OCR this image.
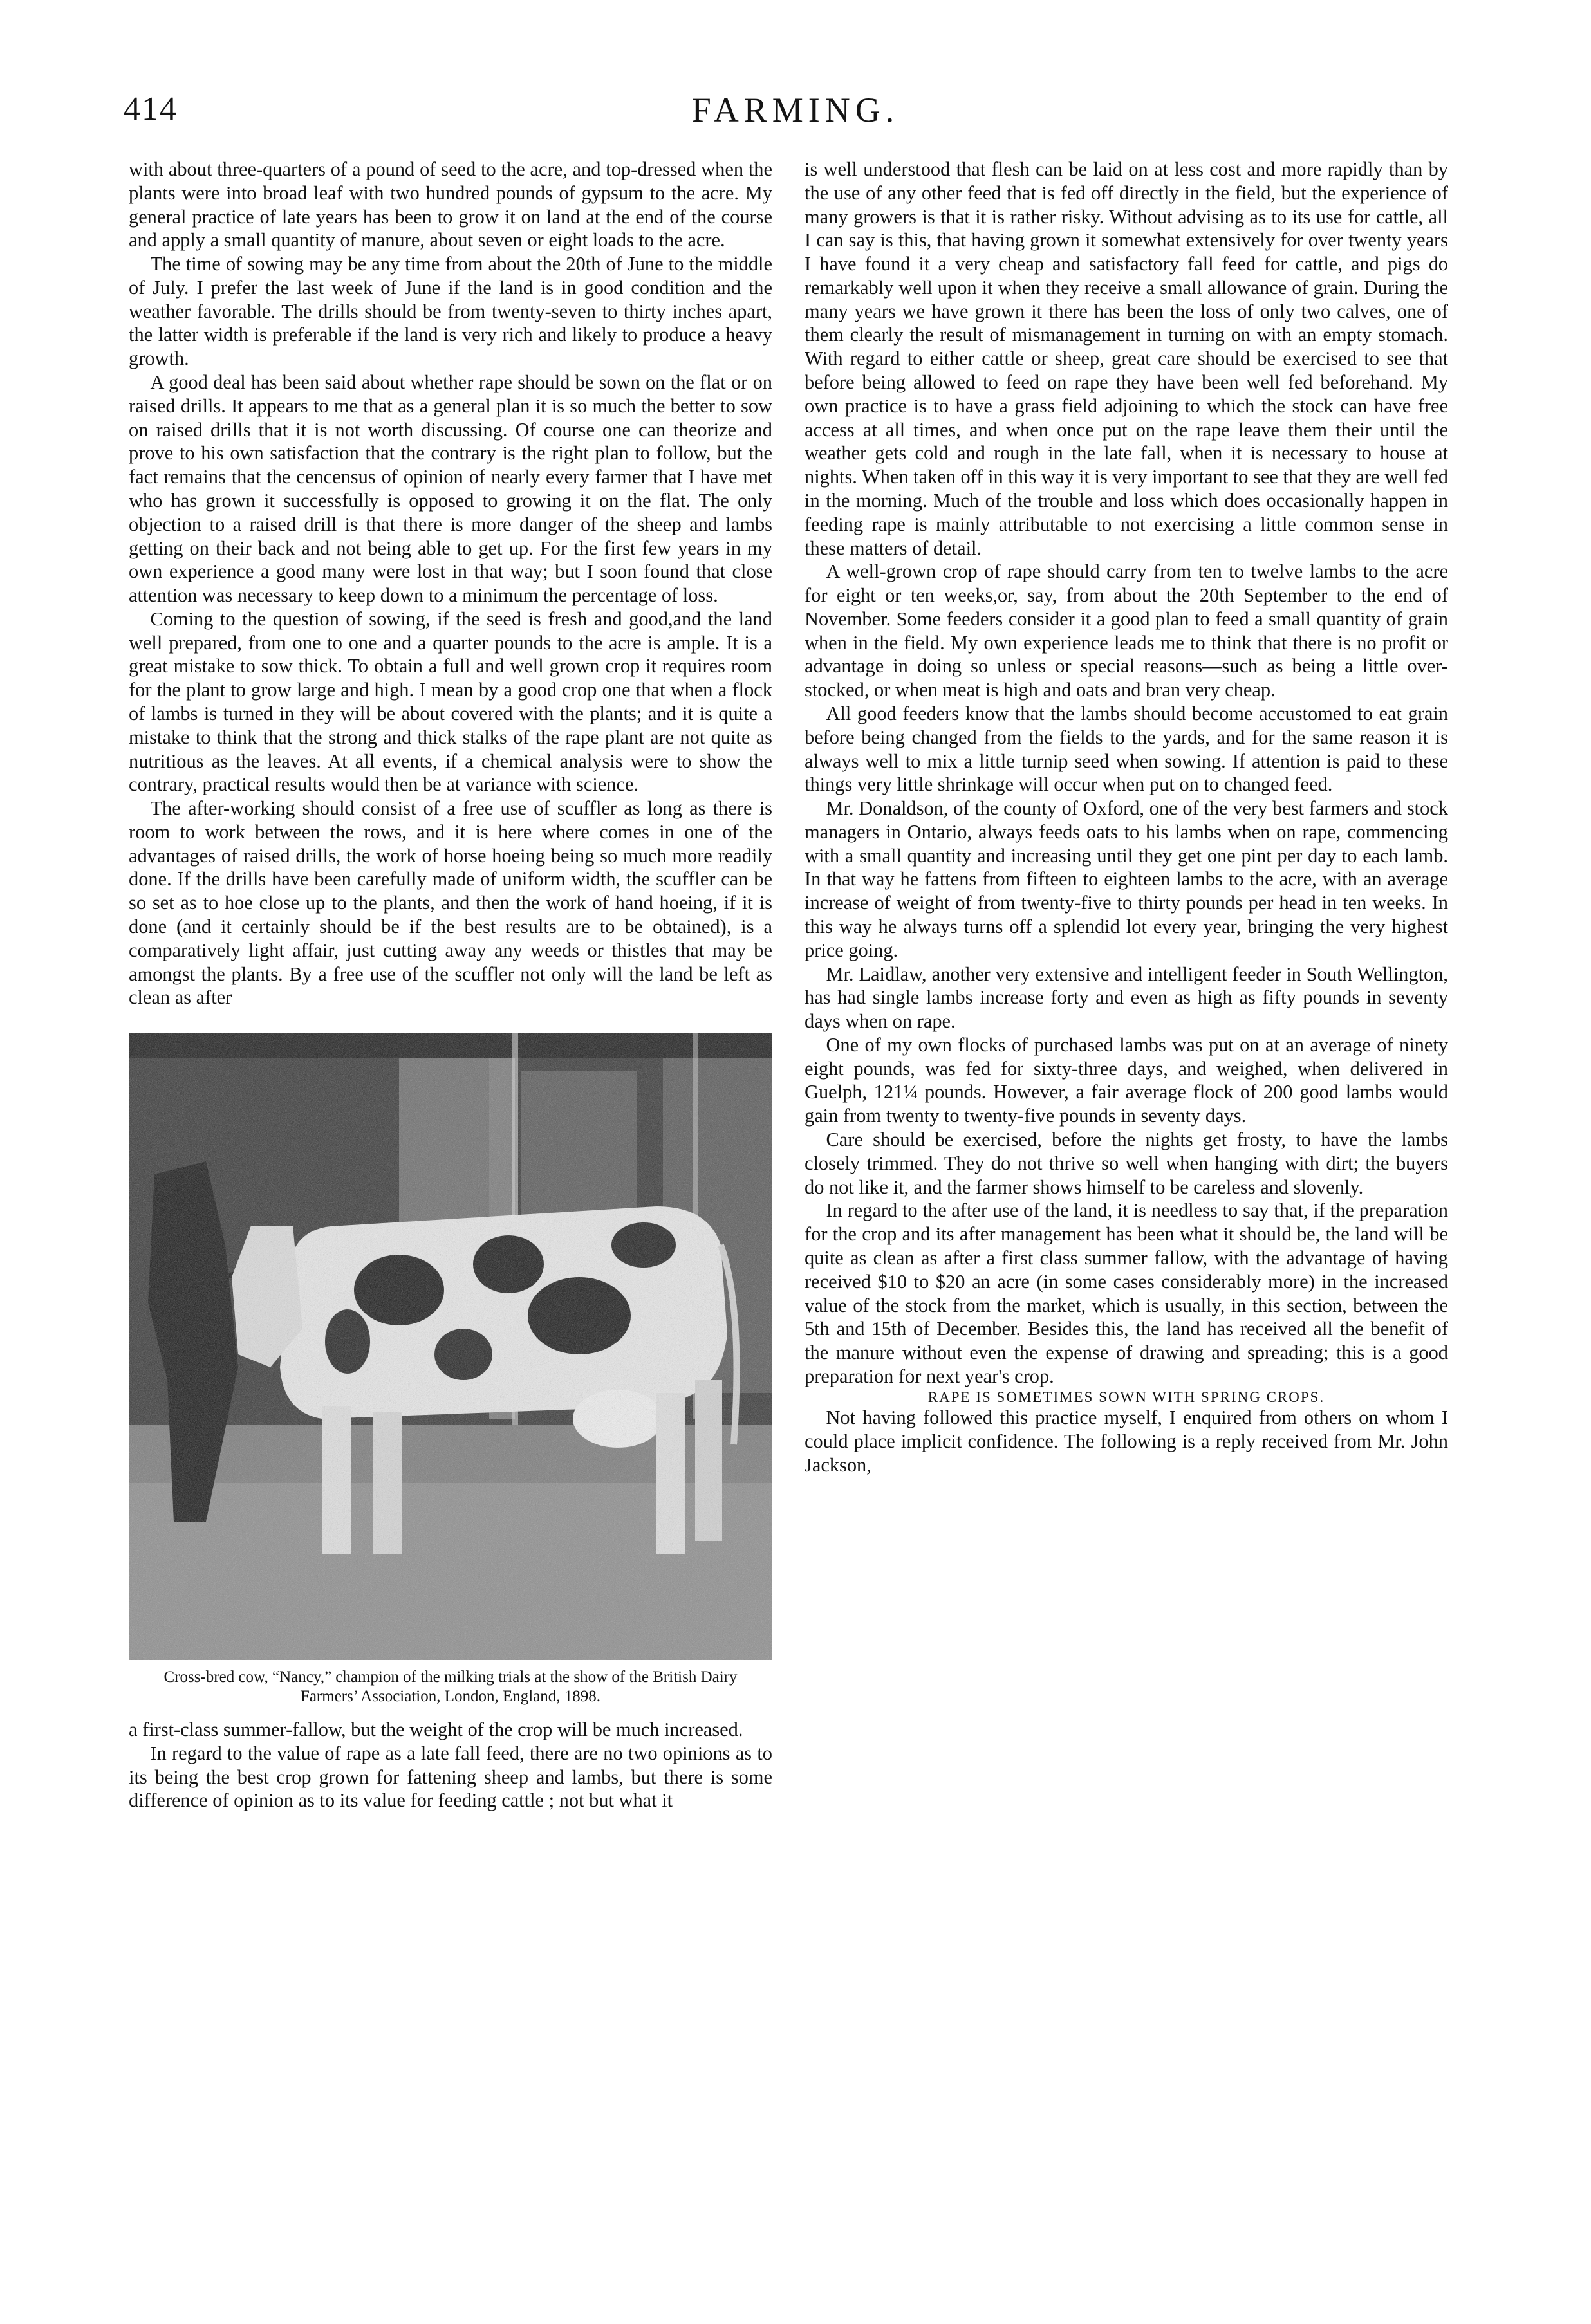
414	FARMING.

with about three-quarters of a pound of seed to the acre, and top-dressed when the plants were into broad leaf with two hundred pounds of gypsum to the acre. My general practice of late years has been to grow it on land at the end of the course and apply a small quantity of manure, about seven or eight loads to the acre.

The time of sowing may be any time from about the 20th of June to the middle of July. I prefer the last week of June if the land is in good condition and the weather favorable. The drills should be from twenty-seven to thirty inches apart, the latter width is preferable if the land is very rich and likely to produce a heavy growth.

A good deal has been said about whether rape should be sown on the flat or on raised drills. It appears to me that as a general plan it is so much the better to sow on raised drills that it is not worth discussing. Of course one can theorize and prove to his own satisfaction that the contrary is the right plan to follow, but the fact remains that the cencensus of opinion of nearly every farmer that I have met who has grown it successfully is opposed to growing it on the flat. The only objection to a raised drill is that there is more danger of the sheep and lambs getting on their back and not being able to get up. For the first few years in my own experience a good many were lost in that way; but I soon found that close attention was necessary to keep down to a minimum the percentage of loss.

Coming to the question of sowing, if the seed is fresh and good,and the land well prepared, from one to one and a quarter pounds to the acre is ample. It is a great mistake to sow thick. To obtain a full and well grown crop it requires room for the plant to grow large and high. I mean by a good crop one that when a flock of lambs is turned in they will be about covered with the plants; and it is quite a mistake to think that the strong and thick stalks of the rape plant are not quite as nutritious as the leaves. At all events, if a chemical analysis were to show the contrary, practical results would then be at variance with science.

The after-working should consist of a free use of scuffler as long as there is room to work between the rows, and it is here where comes in one of the advantages of raised drills, the work of horse hoeing being so much more readily done. If the drills have been carefully made of uniform width, the scuffler can be so set as to hoe close up to the plants, and then the work of hand hoeing, if it is done (and it certainly should be if the best results are to be obtained), is a comparatively light affair, just cutting away any weeds or thistles that may be amongst the plants. By a free use of the scuffler not only will the land be left as clean as after

Cross-bred cow, “Nancy,” champion of the milking trials at the show of the British Dairy Farmers’ Association, London, England, 1898.

a first-class summer-fallow, but the weight of the crop will be much increased.

In regard to the value of rape as a late fall feed, there are no two opinions as to its being the best crop grown for fattening sheep and lambs, but there is some difference of opinion as to its value for feeding cattle ; not but what it

is well understood that flesh can be laid on at less cost and more rapidly than by the use of any other feed that is fed off directly in the field, but the experience of many growers is that it is rather risky. Without advising as to its use for cattle, all I can say is this, that having grown it somewhat extensively for over twenty years I have found it a very cheap and satisfactory fall feed for cattle, and pigs do remarkably well upon it when they receive a small allowance of grain. During the many years we have grown it there has been the loss of only two calves, one of them clearly the result of mismanagement in turning on with an empty stomach. With regard to either cattle or sheep, great care should be exercised to see that before being allowed to feed on rape they have been well fed beforehand. My own practice is to have a grass field adjoining to which the stock can have free access at all times, and when once put on the rape leave them their until the weather gets cold and rough in the late fall, when it is necessary to house at nights. When taken off in this way it is very important to see that they are well fed in the morning. Much of the trouble and loss which does occasionally happen in feeding rape is mainly attributable to not exercising a little common sense in these matters of detail.

A well-grown crop of rape should carry from ten to twelve lambs to the acre for eight or ten weeks,or, say, from about the 20th September to the end of November. Some feeders consider it a good plan to feed a small quantity of grain when in the field. My own experience leads me to think that there is no profit or advantage in doing so unless or special reasons—such as being a little over-stocked, or when meat is high and oats and bran very cheap.

All good feeders know that the lambs should become accustomed to eat grain before being changed from the fields to the yards, and for the same reason it is always well to mix a little turnip seed when sowing. If attention is paid to these things very little shrinkage will occur when put on to changed feed.

Mr. Donaldson, of the county of Oxford, one of the very best farmers and stock managers in Ontario, always feeds oats to his lambs when on rape, commencing with a small quantity and increasing until they get one pint per day to each lamb. In that way he fattens from fifteen to eighteen lambs to the acre, with an average increase of weight of from twenty-five to thirty pounds per head in ten weeks. In this way he always turns off a splendid lot every year, bringing the very highest price going.

Mr. Laidlaw, another very extensive and intelligent feeder in South Wellington, has had single lambs increase forty and even as high as fifty pounds in seventy days when on rape.

One of my own flocks of purchased lambs was put on at an average of ninety eight pounds, was fed for sixty-three days, and weighed, when delivered in Guelph, 121¼ pounds. However, a fair average flock of 200 good lambs would gain from twenty to twenty-five pounds in seventy days.

Care should be exercised, before the nights get frosty, to have the lambs closely trimmed. They do not thrive so well when hanging with dirt; the buyers do not like it, and the farmer shows himself to be careless and slovenly.

In regard to the after use of the land, it is needless to say that, if the preparation for the crop and its after management has been what it should be, the land will be quite as clean as after a first class summer fallow, with the advantage of having received $10 to $20 an acre (in some cases considerably more) in the increased value of the stock from the market, which is usually, in this section, between the 5th and 15th of December. Besides this, the land has received all the benefit of the manure without even the expense of drawing and spreading; this is a good preparation for next year's crop.

RAPE IS SOMETIMES SOWN WITH SPRING CROPS.

Not having followed this practice myself, I enquired from others on whom I could place implicit confidence. The following is a reply received from Mr. John Jackson,
